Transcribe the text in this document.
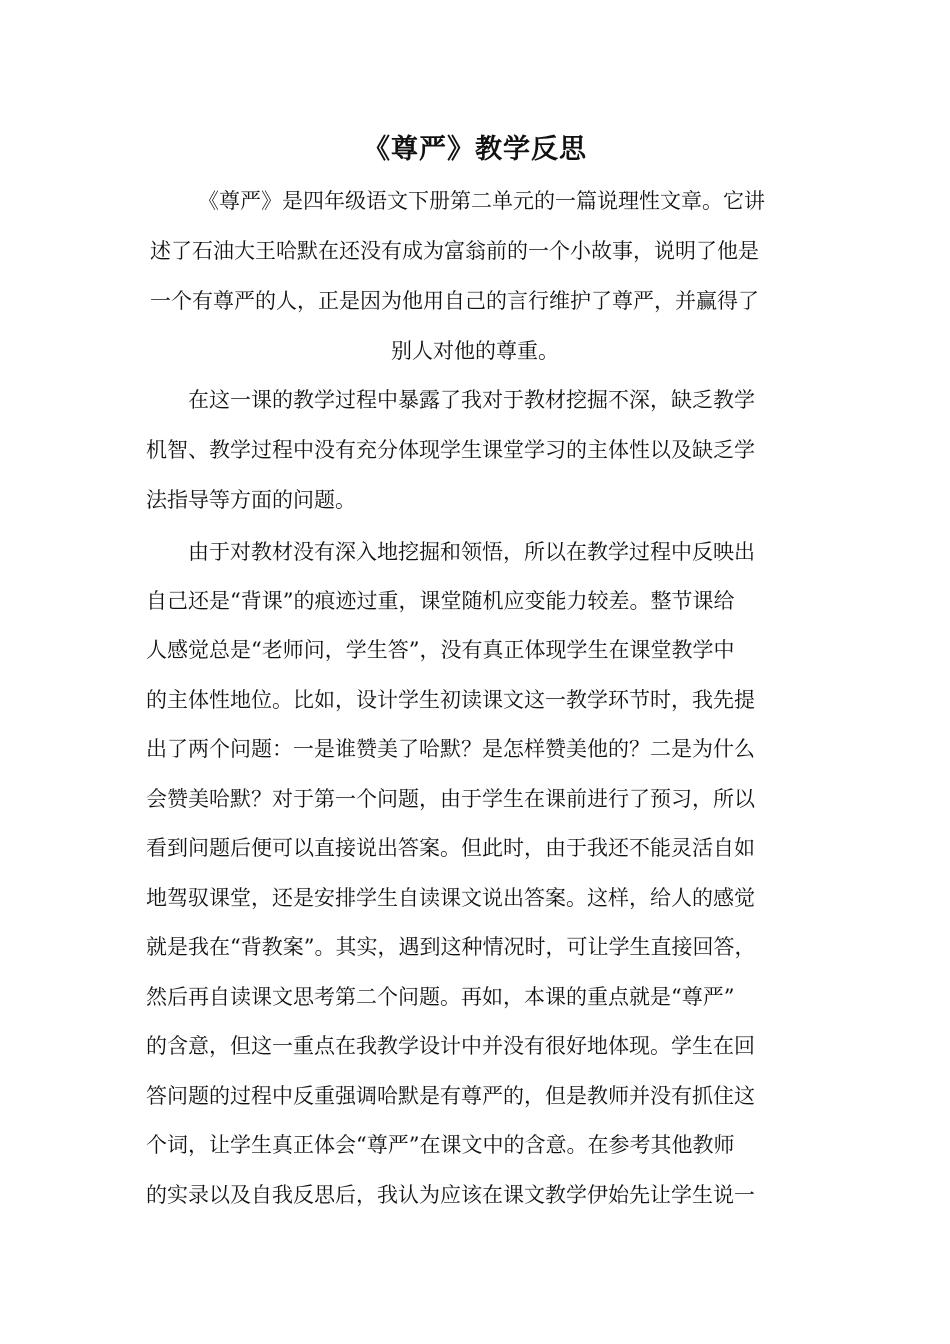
《尊严》教学反思
《尊严》是四年级语文下册第二单元的一篇说理性文章。它讲
述了石油大王哈默在还没有成为富翁前的一个小故事，说明了他是
一个有尊严的人，正是因为他用自己的言行维护了尊严，并赢得了
别人对他的尊重。
在这一课的教学过程中暴露了我对于教材挖掘不深，缺乏教学
机智、教学过程中没有充分体现学生课堂学习的主体性以及缺乏学
法指导等方面的问题。
由于对教材没有深入地挖掘和领悟，所以在教学过程中反映出
自己还是“背课”的痕迹过重，课堂随机应变能力较差。整节课给
人感觉总是“老师问，学生答”，没有真正体现学生在课堂教学中
的主体性地位。比如，设计学生初读课文这一教学环节时，我先提
出了两个问题：一是谁赞美了哈默？是怎样赞美他的？二是为什么
会赞美哈默？对于第一个问题，由于学生在课前进行了预习，所以
看到问题后便可以直接说出答案。但此时，由于我还不能灵活自如
地驾驭课堂，还是安排学生自读课文说出答案。这样，给人的感觉
就是我在“背教案”。其实，遇到这种情况时，可让学生直接回答，
然后再自读课文思考第二个问题。再如，本课的重点就是“尊严”
的含意，但这一重点在我教学设计中并没有很好地体现。学生在回
答问题的过程中反重强调哈默是有尊严的，但是教师并没有抓住这
个词，让学生真正体会“尊严”在课文中的含意。在参考其他教师
的实录以及自我反思后，我认为应该在课文教学伊始先让学生说一
